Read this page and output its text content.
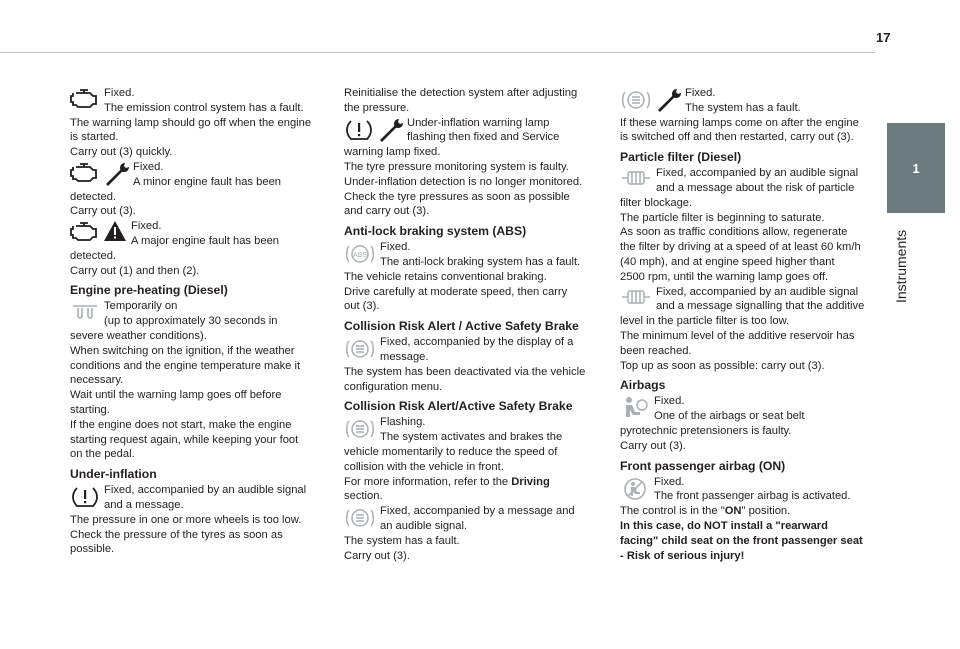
17
1
Instruments
Fixed.
The emission control system has a fault.
The warning lamp should go off when the engine
is started.
Carry out (3) quickly.
Fixed.
A minor engine fault has been
detected.
Carry out (3).
Fixed.
A major engine fault has been
detected.
Carry out (1) and then (2).
Engine pre-heating (Diesel)
Temporarily on
(up to approximately 30 seconds in
severe weather conditions).
When switching on the ignition, if the weather
conditions and the engine temperature make it
necessary.
Wait until the warning lamp goes off before
starting.
If the engine does not start, make the engine
starting request again, while keeping your foot
on the pedal.
Under-inflation
Fixed, accompanied by an audible signal
and a message.
The pressure in one or more wheels is too low.
Check the pressure of the tyres as soon as
possible.
Reinitialise the detection system after adjusting
the pressure.
Under-inflation warning lamp
flashing then fixed and Service
warning lamp fixed.
The tyre pressure monitoring system is faulty.
Under-inflation detection is no longer monitored.
Check the tyre pressures as soon as possible
and carry out (3).
Anti-lock braking system (ABS)
ABS
Fixed.
The anti-lock braking system has a fault.
The vehicle retains conventional braking.
Drive carefully at moderate speed, then carry
out (3).
Collision Risk Alert / Active Safety Brake
Fixed, accompanied by the display of a
message.
The system has been deactivated via the vehicle
configuration menu.
Collision Risk Alert/Active Safety Brake
Flashing.
The system activates and brakes the
vehicle momentarily to reduce the speed of
collision with the vehicle in front.
For more information, refer to the Driving
section.
Fixed, accompanied by a message and
an audible signal.
The system has a fault.
Carry out (3).
Fixed.
The system has a fault.
If these warning lamps come on after the engine
is switched off and then restarted, carry out (3).
Particle filter (Diesel)
Fixed, accompanied by an audible signal
and a message about the risk of particle
filter blockage.
The particle filter is beginning to saturate.
As soon as traffic conditions allow, regenerate
the filter by driving at a speed of at least 60 km/h
(40 mph), and at engine speed higher thant
2500 rpm, until the warning lamp goes off.
Fixed, accompanied by an audible signal
and a message signalling that the additive
level in the particle filter is too low.
The minimum level of the additive reservoir has
been reached.
Top up as soon as possible: carry out (3).
Airbags
Fixed.
One of the airbags or seat belt
pyrotechnic pretensioners is faulty.
Carry out (3).
Front passenger airbag (ON)
Fixed.
The front passenger airbag is activated.
The control is in the "ON" position.
In this case, do NOT install a "rearward
facing" child seat on the front passenger seat
- Risk of serious injury!
